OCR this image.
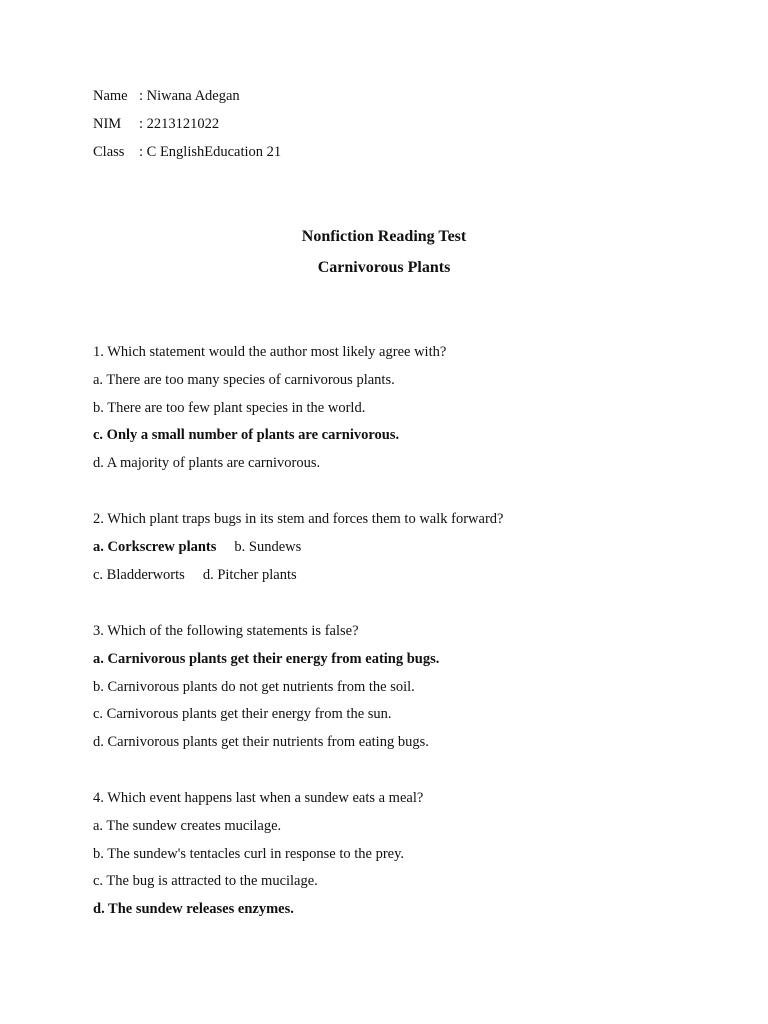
Name : Niwana Adegan
NIM : 2213121022
Class : C EnglishEducation 21
Nonfiction Reading Test
Carnivorous Plants
1. Which statement would the author most likely agree with?
a. There are too many species of carnivorous plants.
b. There are too few plant species in the world.
c. Only a small number of plants are carnivorous.
d. A majority of plants are carnivorous.
2. Which plant traps bugs in its stem and forces them to walk forward?
a. Corkscrew plants b. Sundews
c. Bladderworts d. Pitcher plants
3. Which of the following statements is false?
a. Carnivorous plants get their energy from eating bugs.
b. Carnivorous plants do not get nutrients from the soil.
c. Carnivorous plants get their energy from the sun.
d. Carnivorous plants get their nutrients from eating bugs.
4. Which event happens last when a sundew eats a meal?
a. The sundew creates mucilage.
b. The sundew's tentacles curl in response to the prey.
c. The bug is attracted to the mucilage.
d. The sundew releases enzymes.
